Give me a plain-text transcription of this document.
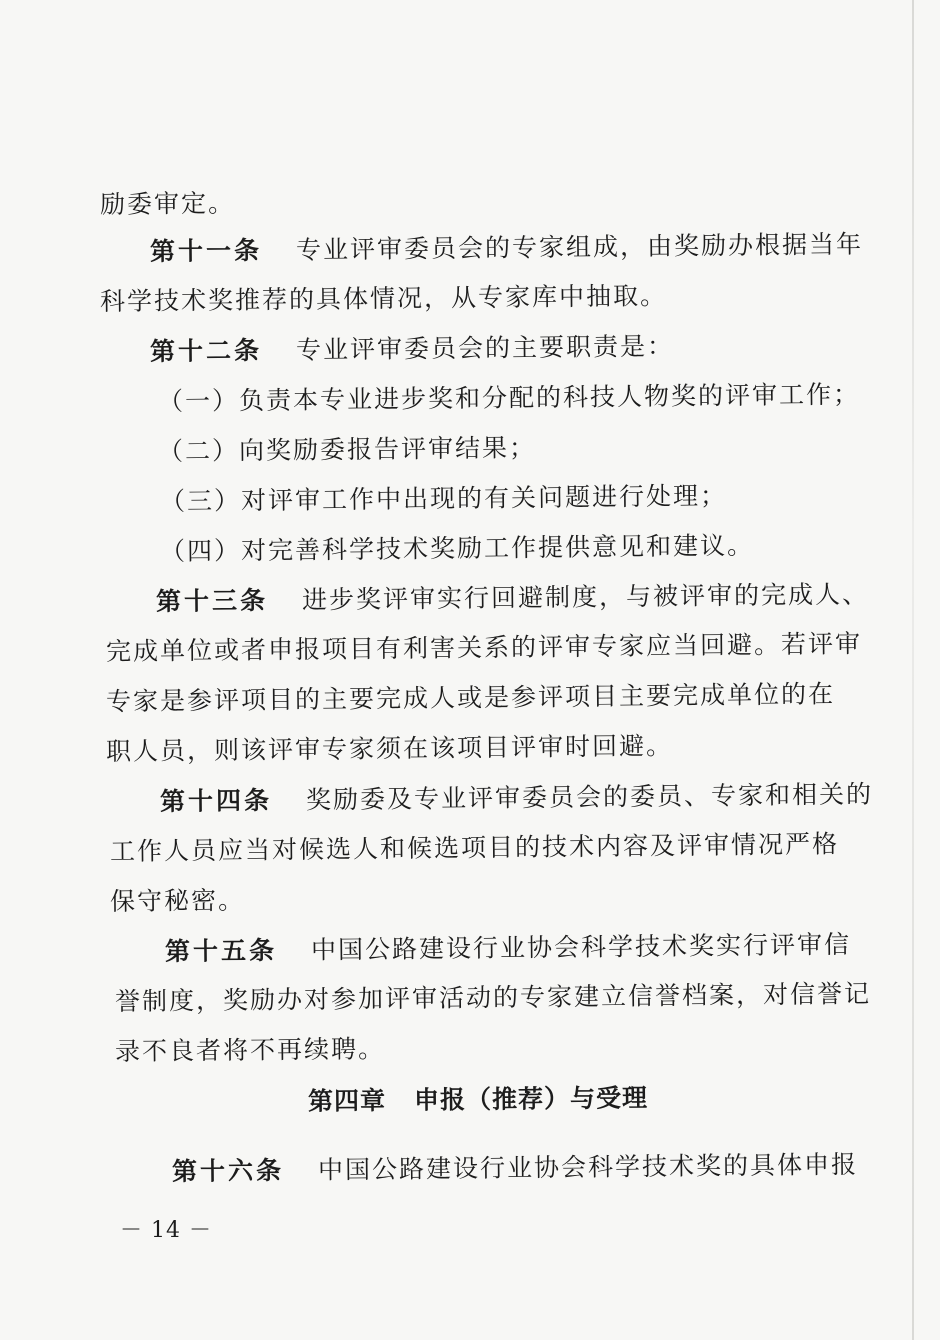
励委审定。
第十一条 专业评审委员会的专家组成，由奖励办根据当年
科学技术奖推荐的具体情况，从专家库中抽取。
第十二条 专业评审委员会的主要职责是：
（一）负责本专业进步奖和分配的科技人物奖的评审工作；
（二）向奖励委报告评审结果；
（三）对评审工作中出现的有关问题进行处理；
（四）对完善科学技术奖励工作提供意见和建议。
第十三条 进步奖评审实行回避制度，与被评审的完成人、
完成单位或者申报项目有利害关系的评审专家应当回避。若评审
专家是参评项目的主要完成人或是参评项目主要完成单位的在
职人员，则该评审专家须在该项目评审时回避。
第十四条 奖励委及专业评审委员会的委员、专家和相关的
工作人员应当对候选人和候选项目的技术内容及评审情况严格
保守秘密。
第十五条 中国公路建设行业协会科学技术奖实行评审信
誉制度，奖励办对参加评审活动的专家建立信誉档案，对信誉记
录不良者将不再续聘。
第四章 申报（推荐）与受理
第十六条 中国公路建设行业协会科学技术奖的具体申报
－ 14 －
